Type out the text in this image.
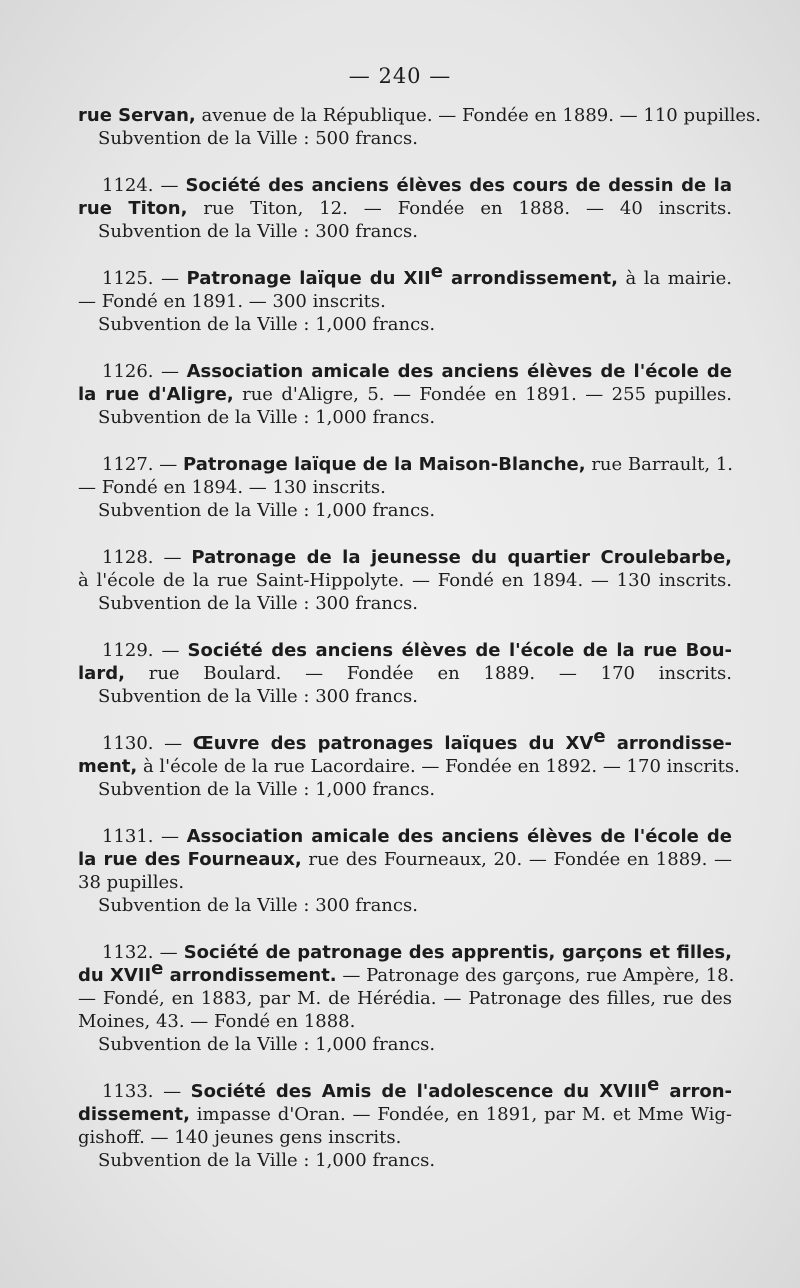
— 240 —
rue Servan, avenue de la République. — Fondée en 1889. — 110 pupilles.
Subvention de la Ville : 500 francs.
1124. — Société des anciens élèves des cours de dessin de la
rue Titon, rue Titon, 12. — Fondée en 1888. — 40 inscrits.
Subvention de la Ville : 300 francs.
1125. — Patronage laïque du XIIe arrondissement, à la mairie.
— Fondé en 1891. — 300 inscrits.
Subvention de la Ville : 1,000 francs.
1126. — Association amicale des anciens élèves de l'école de
la rue d'Aligre, rue d'Aligre, 5. — Fondée en 1891. — 255 pupilles.
Subvention de la Ville : 1,000 francs.
1127. — Patronage laïque de la Maison-Blanche, rue Barrault, 1.
— Fondé en 1894. — 130 inscrits.
Subvention de la Ville : 1,000 francs.
1128. — Patronage de la jeunesse du quartier Croulebarbe,
à l'école de la rue Saint-Hippolyte. — Fondé en 1894. — 130 inscrits.
Subvention de la Ville : 300 francs.
1129. — Société des anciens élèves de l'école de la rue Bou-
lard, rue Boulard. — Fondée en 1889. — 170 inscrits.
Subvention de la Ville : 300 francs.
1130. — Œuvre des patronages laïques du XVe arrondisse-
ment, à l'école de la rue Lacordaire. — Fondée en 1892. — 170 inscrits.
Subvention de la Ville : 1,000 francs.
1131. — Association amicale des anciens élèves de l'école de
la rue des Fourneaux, rue des Fourneaux, 20. — Fondée en 1889. —
38 pupilles.
Subvention de la Ville : 300 francs.
1132. — Société de patronage des apprentis, garçons et filles,
du XVIIe arrondissement. — Patronage des garçons, rue Ampère, 18.
— Fondé, en 1883, par M. de Hérédia. — Patronage des filles, rue des
Moines, 43. — Fondé en 1888.
Subvention de la Ville : 1,000 francs.
1133. — Société des Amis de l'adolescence du XVIIIe arron-
dissement, impasse d'Oran. — Fondée, en 1891, par M. et Mme Wig-
gishoff. — 140 jeunes gens inscrits.
Subvention de la Ville : 1,000 francs.
